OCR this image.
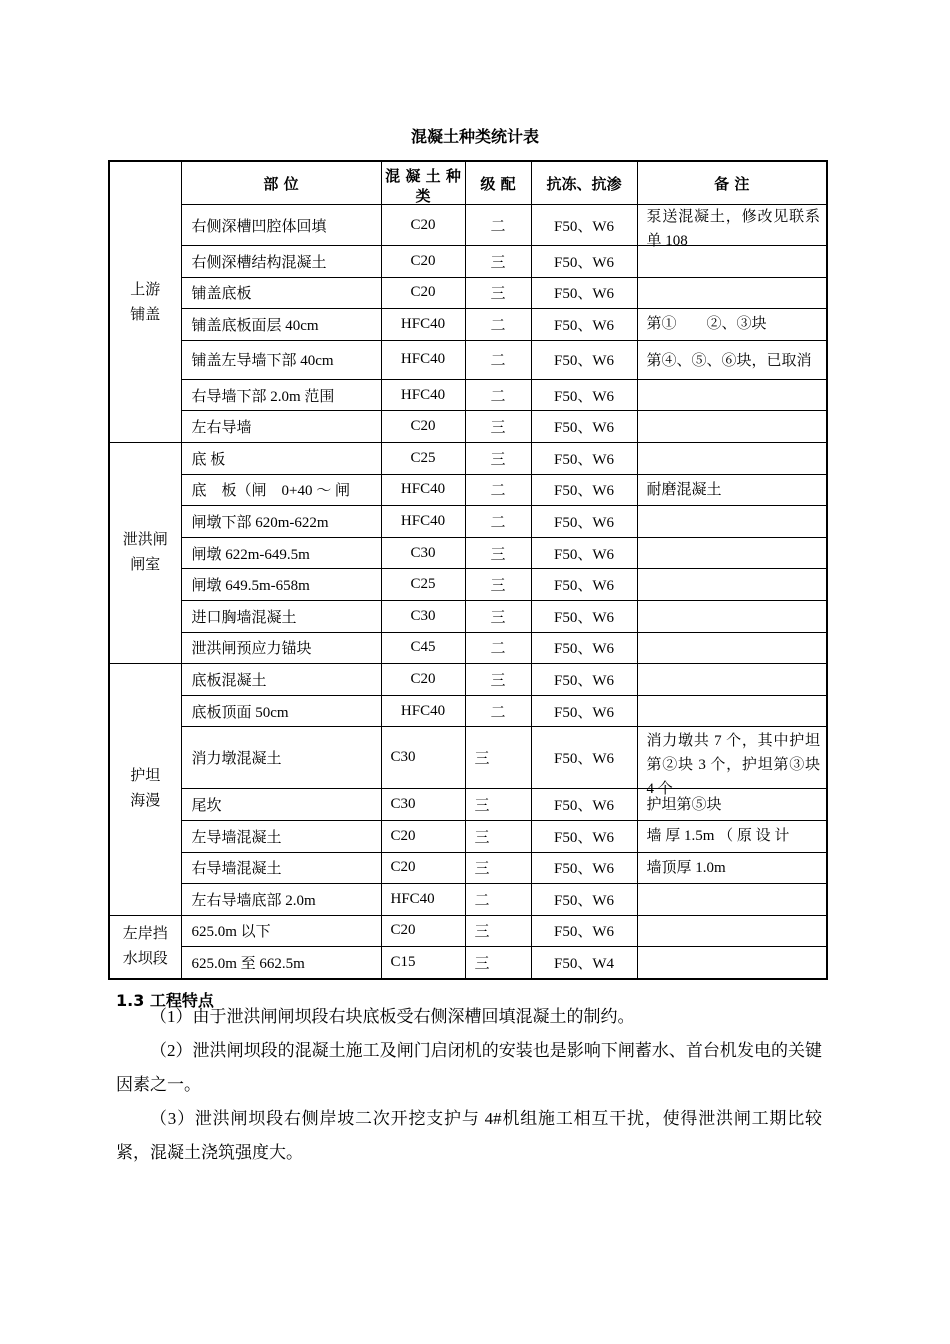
混凝土种类统计表
	部 位	混 凝 土 种 类	级 配	抗冻、抗渗	备 注
上游铺盖	右侧深槽凹腔体回填	C20	二	F50、W6	泵送混凝土，修改见联系单 108

	右侧深槽结构混凝土	C20	三	F50、W6	
	铺盖底板	C20	三	F50、W6	
	铺盖底板面层 40cm	HFC40	二	F50、W6	第①　　②、③块
	铺盖左导墙下部 40cm	HFC40	二	F50、W6	第④、⑤、⑥块，已取消

	右导墙下部 2.0m 范围	HFC40	二	F50、W6	
	左右导墙	C20	三	F50、W6	
泄洪闸闸室	底 板	C25	三	F50、W6	

	底　板（闸　0+40 ～ 闸	HFC40	二	F50、W6	耐磨混凝土
	闸墩下部 620m-622m	HFC40	二	F50、W6	
	闸墩 622m-649.5m	C30	三	F50、W6	
	闸墩 649.5m-658m	C25	三	F50、W6	
	进口胸墙混凝土	C30	三	F50、W6	
	泄洪闸预应力锚块	C45	二	F50、W6	
护坦海漫	底板混凝土	C20	三	F50、W6	
	底板顶面 50cm	HFC40	二	F50、W6	
	消力墩混凝土	C30	三	F50、W6	消力墩共 7 个，其中护坦第②块 3 个，护坦第③块 4 个

	尾坎	C30	三	F50、W6	护坦第⑤块
	左导墙混凝土	C20	三	F50、W6	墙 厚 1.5m （ 原 设 计

	右导墙混凝土	C20	三	F50、W6	墙顶厚 1.0m
	左右导墙底部 2.0m	HFC40	二	F50、W6	
左岸挡水坝段	625.0m 以下	C20	三	F50、W6	
	625.0m 至 662.5m	C15	三	F50、W4	
1.3 工程特点

（1）由于泄洪闸闸坝段右块底板受右侧深槽回填混凝土的制约。

（2）泄洪闸坝段的混凝土施工及闸门启闭机的安装也是影响下闸蓄水、首台机发电的关键因素之一。

（3）泄洪闸坝段右侧岸坡二次开挖支护与 4#机组施工相互干扰，使得泄洪闸工期比较紧，混凝土浇筑强度大。
